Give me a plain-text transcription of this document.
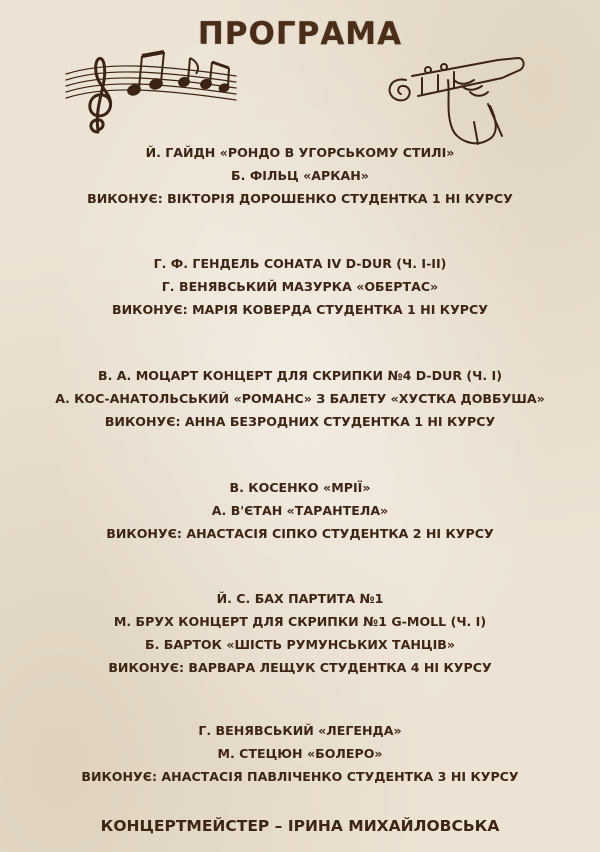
ПРОГРАМА
Й. ГАЙДН «РОНДО В УГОРСЬКОМУ СТИЛІ»
Б. ФІЛЬЦ «АРКАН»
ВИКОНУЄ: ВІКТОРІЯ ДОРОШЕНКО СТУДЕНТКА 1 НІ КУРСУ
Г. Ф. ГЕНДЕЛЬ СОНАТА IV D-DUR (Ч. I-II)
Г. ВЕНЯВСЬКИЙ МАЗУРКА «ОБЕРТАС»
ВИКОНУЄ: МАРІЯ КОВЕРДА СТУДЕНТКА 1 НІ КУРСУ
В. А. МОЦАРТ КОНЦЕРТ ДЛЯ СКРИПКИ №4 D-DUR (Ч. I)
А. КОС-АНАТОЛЬСЬКИЙ «РОМАНС» З БАЛЕТУ «ХУСТКА ДОВБУША»
ВИКОНУЄ: АННА БЕЗРОДНИХ СТУДЕНТКА 1 НІ КУРСУ
В. КОСЕНКО «МРІЇ»
А. В'ЄТАН «ТАРАНТЕЛА»
ВИКОНУЄ: АНАСТАСІЯ СІПКО СТУДЕНТКА 2 НІ КУРСУ
Й. С. БАХ ПАРТИТА №1
М. БРУХ КОНЦЕРТ ДЛЯ СКРИПКИ №1 G-MOLL (Ч. I)
Б. БАРТОК «ШІСТЬ РУМУНСЬКИХ ТАНЦІВ»
ВИКОНУЄ: ВАРВАРА ЛЕЩУК СТУДЕНТКА 4 НІ КУРСУ
Г. ВЕНЯВСЬКИЙ «ЛЕГЕНДА»
М. СТЕЦЮН «БОЛЕРО»
ВИКОНУЄ: АНАСТАСІЯ ПАВЛІЧЕНКО СТУДЕНТКА 3 НІ КУРСУ
КОНЦЕРТМЕЙСТЕР – ІРИНА МИХАЙЛОВСЬКА
